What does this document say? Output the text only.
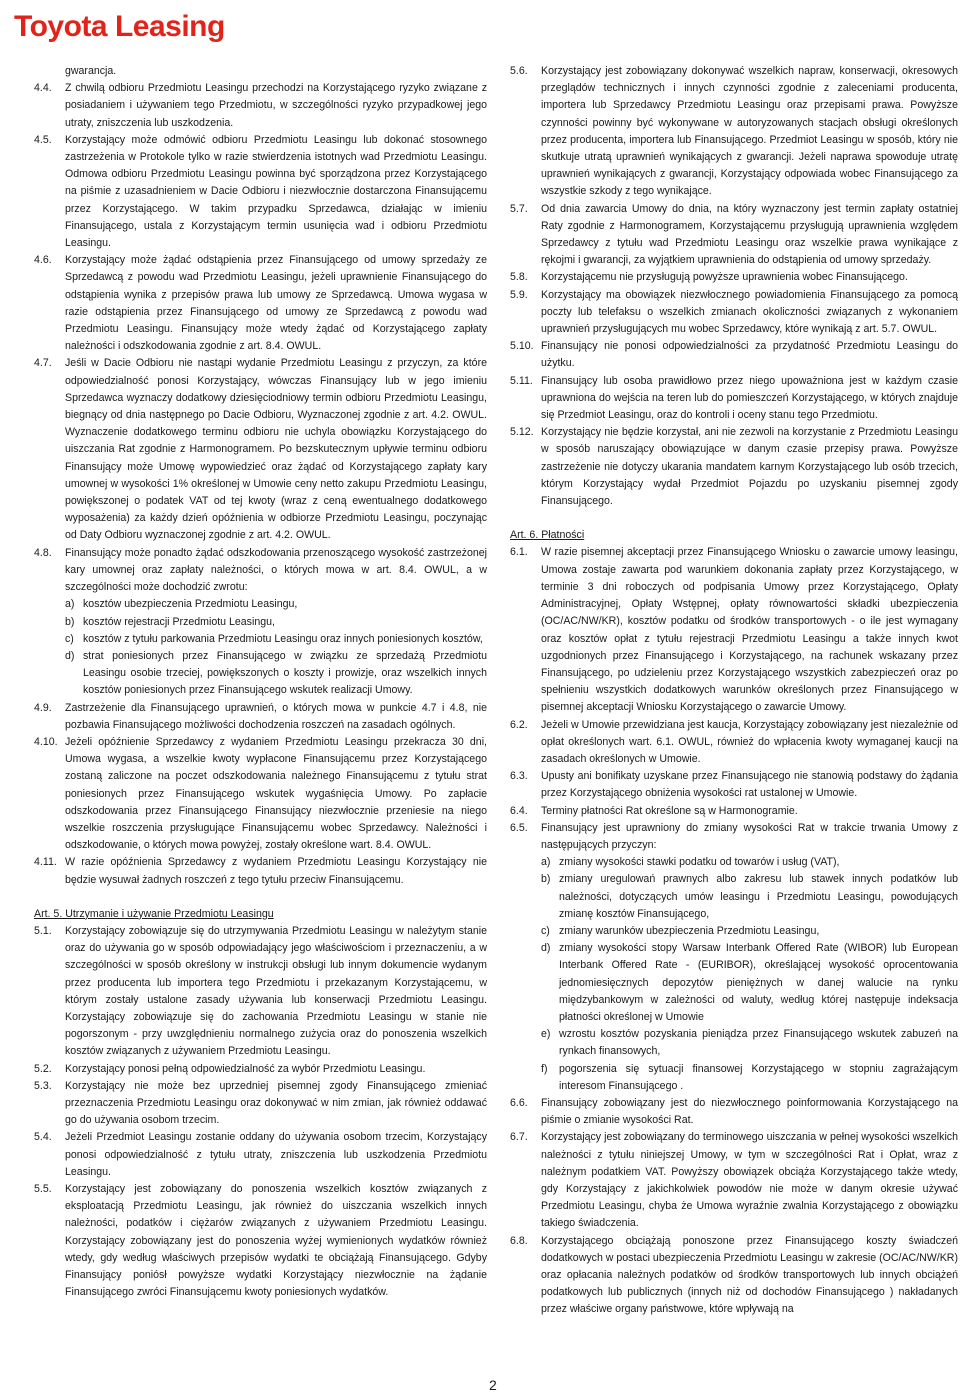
Toyota Leasing
gwarancja.
4.4.	Z chwilą odbioru Przedmiotu Leasingu przechodzi na Korzystającego ryzyko związane z posiadaniem i używaniem tego Przedmiotu, w szczególności ryzyko przypadkowej jego utraty, zniszczenia lub uszkodzenia.
4.5.	Korzystający może odmówić odbioru Przedmiotu Leasingu lub dokonać stosownego zastrzeżenia w Protokole tylko w razie stwierdzenia istotnych wad Przedmiotu Leasingu. Odmowa odbioru Przedmiotu Leasingu powinna być sporządzona przez Korzystającego na piśmie z uzasadnieniem w Dacie Odbioru i niezwłocznie dostarczona Finansującemu przez Korzystającego. W takim przypadku Sprzedawca, działając w imieniu Finansującego, ustala z Korzystającym termin usunięcia wad i odbioru Przedmiotu Leasingu.
4.6.	Korzystający może żądać odstąpienia przez Finansującego od umowy sprzedaży ze Sprzedawcą z powodu wad Przedmiotu Leasingu, jeżeli uprawnienie Finansującego do odstąpienia wynika z przepisów prawa lub umowy ze Sprzedawcą. Umowa wygasa w razie odstąpienia przez Finansującego od umowy ze Sprzedawcą z powodu wad Przedmiotu Leasingu. Finansujący może wtedy żądać od Korzystającego zapłaty należności i odszkodowania zgodnie z art. 8.4. OWUL.
4.7.	Jeśli w Dacie Odbioru nie nastąpi wydanie Przedmiotu Leasingu z przyczyn, za które odpowiedzialność ponosi Korzystający, wówczas Finansujący lub w jego imieniu Sprzedawca wyznaczy dodatkowy dziesięciodniowy termin odbioru Przedmiotu Leasingu, biegnący od dnia następnego po Dacie Odbioru, Wyznaczonej zgodnie z art. 4.2. OWUL. Wyznaczenie dodatkowego terminu odbioru nie uchyla obowiązku Korzystającego do uiszczania Rat zgodnie z Harmonogramem. Po bezskutecznym upływie terminu odbioru Finansujący może Umowę wypowiedzieć oraz żądać od Korzystającego zapłaty kary umownej w wysokości 1% określonej w Umowie ceny netto zakupu Przedmiotu Leasingu, powiększonej o podatek VAT od tej kwoty (wraz z ceną ewentualnego dodatkowego wyposażenia) za każdy dzień opóźnienia w odbiorze Przedmiotu Leasingu, poczynając od Daty Odbioru wyznaczonej zgodnie z art. 4.2. OWUL.
4.8.	Finansujący może ponadto żądać odszkodowania przenoszącego wysokość zastrzeżonej kary umownej oraz zapłaty należności, o których mowa w art. 8.4. OWUL, a w szczególności może dochodzić zwrotu:
a) kosztów ubezpieczenia Przedmiotu Leasingu,
b) kosztów rejestracji Przedmiotu Leasingu,
c) kosztów z tytułu parkowania Przedmiotu Leasingu oraz innych poniesionych kosztów,
d) strat poniesionych przez Finansującego w związku ze sprzedażą Przedmiotu Leasingu osobie trzeciej, powiększonych o koszty i prowizje, oraz wszelkich innych kosztów poniesionych przez Finansującego wskutek realizacji Umowy.
4.9.	Zastrzeżenie dla Finansującego uprawnień, o których mowa w punkcie 4.7 i 4.8, nie pozbawia Finansującego możliwości dochodzenia roszczeń na zasadach ogólnych.
4.10. Jeżeli opóźnienie Sprzedawcy z wydaniem Przedmiotu Leasingu przekracza 30 dni, Umowa wygasa, a wszelkie kwoty wypłacone Finansującemu przez Korzystającego zostaną zaliczone na poczet odszkodowania należnego Finansującemu z tytułu strat poniesionych przez Finansującego wskutek wygaśnięcia Umowy. Po zapłacie odszkodowania przez Finansującego Finansujący niezwłocznie przeniesie na niego wszelkie roszczenia przysługujące Finansującemu wobec Sprzedawcy. Należności i odszkodowanie, o których mowa powyżej, zostały określone wart. 8.4. OWUL.
4.11. W razie opóźnienia Sprzedawcy z wydaniem Przedmiotu Leasingu Korzystający nie będzie wysuwał żadnych roszczeń z tego tytułu przeciw Finansującemu.
Art. 5. Utrzymanie i używanie Przedmiotu Leasingu
5.1.	Korzystający zobowiązuje się do utrzymywania Przedmiotu Leasingu w należytym stanie oraz do używania go w sposób odpowiadający jego właściwościom i przeznaczeniu, a w szczególności w sposób określony w instrukcji obsługi lub innym dokumencie wydanym przez producenta lub importera tego Przedmiotu i przekazanym Korzystającemu, w którym zostały ustalone zasady używania lub konserwacji Przedmiotu Leasingu. Korzystający zobowiązuje się do zachowania Przedmiotu Leasingu w stanie nie pogorszonym - przy uwzględnieniu normalnego zużycia oraz do ponoszenia wszelkich kosztów związanych z używaniem Przedmiotu Leasingu.
5.2.	Korzystający ponosi pełną odpowiedzialność za wybór Przedmiotu Leasingu.
5.3.	Korzystający nie może bez uprzedniej pisemnej zgody Finansującego zmieniać przeznaczenia Przedmiotu Leasingu oraz dokonywać w nim zmian, jak również oddawać go do używania osobom trzecim.
5.4.	Jeżeli Przedmiot Leasingu zostanie oddany do używania osobom trzecim, Korzystający ponosi odpowiedzialność z tytułu utraty, zniszczenia lub uszkodzenia Przedmiotu Leasingu.
5.5.	Korzystający jest zobowiązany do ponoszenia wszelkich kosztów związanych z eksploatacją Przedmiotu Leasingu, jak również do uiszczania wszelkich innych należności, podatków i ciężarów związanych z używaniem Przedmiotu Leasingu. Korzystający zobowiązany jest do ponoszenia wyżej wymienionych wydatków również wtedy, gdy według właściwych przepisów wydatki te obciążają Finansującego. Gdyby Finansujący poniósł powyższe wydatki Korzystający niezwłocznie na żądanie Finansującego zwróci Finansującemu kwoty poniesionych wydatków.
5.6.	Korzystający jest zobowiązany dokonywać wszelkich napraw, konserwacji, okresowych przeglądów technicznych i innych czynności zgodnie z zaleceniami producenta, importera lub Sprzedawcy Przedmiotu Leasingu oraz przepisami prawa. Powyższe czynności powinny być wykonywane w autoryzowanych stacjach obsługi określonych przez producenta, importera lub Finansującego. Przedmiot Leasingu w sposób, który nie skutkuje utratą uprawnień wynikających z gwarancji. Jeżeli naprawa spowoduje utratę uprawnień wynikających z gwarancji, Korzystający odpowiada wobec Finansującego za wszystkie szkody z tego wynikające.
5.7.	Od dnia zawarcia Umowy do dnia, na który wyznaczony jest termin zapłaty ostatniej Raty zgodnie z Harmonogramem, Korzystającemu przysługują uprawnienia względem Sprzedawcy z tytułu wad Przedmiotu Leasingu oraz wszelkie prawa wynikające z rękojmi i gwarancji, za wyjątkiem uprawnienia do odstąpienia od umowy sprzedaży.
5.8.	Korzystającemu nie przysługują powyższe uprawnienia wobec Finansującego.
5.9.	Korzystający ma obowiązek niezwłocznego powiadomienia Finansującego za pomocą poczty lub telefaksu o wszelkich zmianach okoliczności związanych z wykonaniem uprawnień przysługujących mu wobec Sprzedawcy, które wynikają z art. 5.7. OWUL.
5.10. Finansujący nie ponosi odpowiedzialności za przydatność Przedmiotu Leasingu do użytku.
5.11. Finansujący lub osoba prawidłowo przez niego upoważniona jest w każdym czasie uprawniona do wejścia na teren lub do pomieszczeń Korzystającego, w których znajduje się Przedmiot Leasingu, oraz do kontroli i oceny stanu tego Przedmiotu.
5.12. Korzystający nie będzie korzystał, ani nie zezwoli na korzystanie z Przedmiotu Leasingu w sposób naruszający obowiązujące w danym czasie przepisy prawa. Powyższe zastrzeżenie nie dotyczy ukarania mandatem karnym Korzystającego lub osób trzecich, którym Korzystający wydał Przedmiot Pojazdu po uzyskaniu pisemnej zgody Finansującego.
Art. 6. Płatności
6.1.	W razie pisemnej akceptacji przez Finansującego Wniosku o zawarcie umowy leasingu, Umowa zostaje zawarta pod warunkiem dokonania zapłaty przez Korzystającego, w terminie 3 dni roboczych od podpisania Umowy przez Korzystającego, Opłaty Administracyjnej, Opłaty Wstępnej, opłaty równowartości składki ubezpieczenia (OC/AC/NW/KR), kosztów podatku od środków transportowych - o ile jest wymagany oraz kosztów opłat z tytułu rejestracji Przedmiotu Leasingu a także innych kwot uzgodnionych przez Finansującego i Korzystającego, na rachunek wskazany przez Finansującego, po udzieleniu przez Korzystającego wszystkich zabezpieczeń oraz po spełnieniu wszystkich dodatkowych warunków określonych przez Finansującego w pisemnej akceptacji Wniosku Korzystającego o zawarcie Umowy.
6.2.	Jeżeli w Umowie przewidziana jest kaucja, Korzystający zobowiązany jest niezależnie od opłat określonych wart. 6.1. OWUL, również do wpłacenia kwoty wymaganej kaucji na zasadach określonych w Umowie.
6.3.	Upusty ani bonifikaty uzyskane przez Finansującego nie stanowią podstawy do żądania przez Korzystającego obniżenia wysokości rat ustalonej w Umowie.
6.4.	Terminy płatności Rat określone są w Harmonogramie.
6.5.	Finansujący jest uprawniony do zmiany wysokości Rat w trakcie trwania Umowy z następujących przyczyn:
a) zmiany wysokości stawki podatku od towarów i usług (VAT),
b) zmiany uregulowań prawnych albo zakresu lub stawek innych podatków lub należności, dotyczących umów leasingu i Przedmiotu Leasingu, powodujących zmianę kosztów Finansującego,
c) zmiany warunków ubezpieczenia Przedmiotu Leasingu,
d) zmiany wysokości stopy Warsaw Interbank Offered Rate (WIBOR) lub European Interbank Offered Rate - (EURIBOR), określającej wysokość oprocentowania jednomiesięcznych depozytów pieniężnych w danej walucie na rynku międzybankowym w zależności od waluty, według której następuje indeksacja płatności określonej w Umowie
e) wzrostu kosztów pozyskania pieniądza przez Finansującego wskutek zabuzeń na rynkach finansowych,
f)	pogorszenia się sytuacji finansowej Korzystającego w stopniu zagrażającym interesom Finansującego .
6.6.	Finansujący zobowiązany jest do niezwłocznego poinformowania Korzystającego na piśmie o zmianie wysokości Rat.
6.7.	Korzystający jest zobowiązany do terminowego uiszczania w pełnej wysokości wszelkich należności z tytułu niniejszej Umowy, w tym w szczególności Rat i Opłat, wraz z należnym podatkiem VAT. Powyższy obowiązek obciąża Korzystającego także wtedy, gdy Korzystający z jakichkolwiek powodów nie może w danym okresie używać Przedmiotu Leasingu, chyba że Umowa wyraźnie zwalnia Korzystającego z obowiązku takiego świadczenia.
6.8.	Korzystającego obciążają ponoszone przez Finansującego koszty świadczeń dodatkowych w postaci ubezpieczenia Przedmiotu Leasingu w zakresie (OC/AC/NW/KR) oraz opłacania należnych podatków od środków transportowych lub innych obciążeń podatkowych lub publicznych (innych niż od dochodów Finansującego ) nakładanych przez właściwe organy państwowe, które wpływają na
2
